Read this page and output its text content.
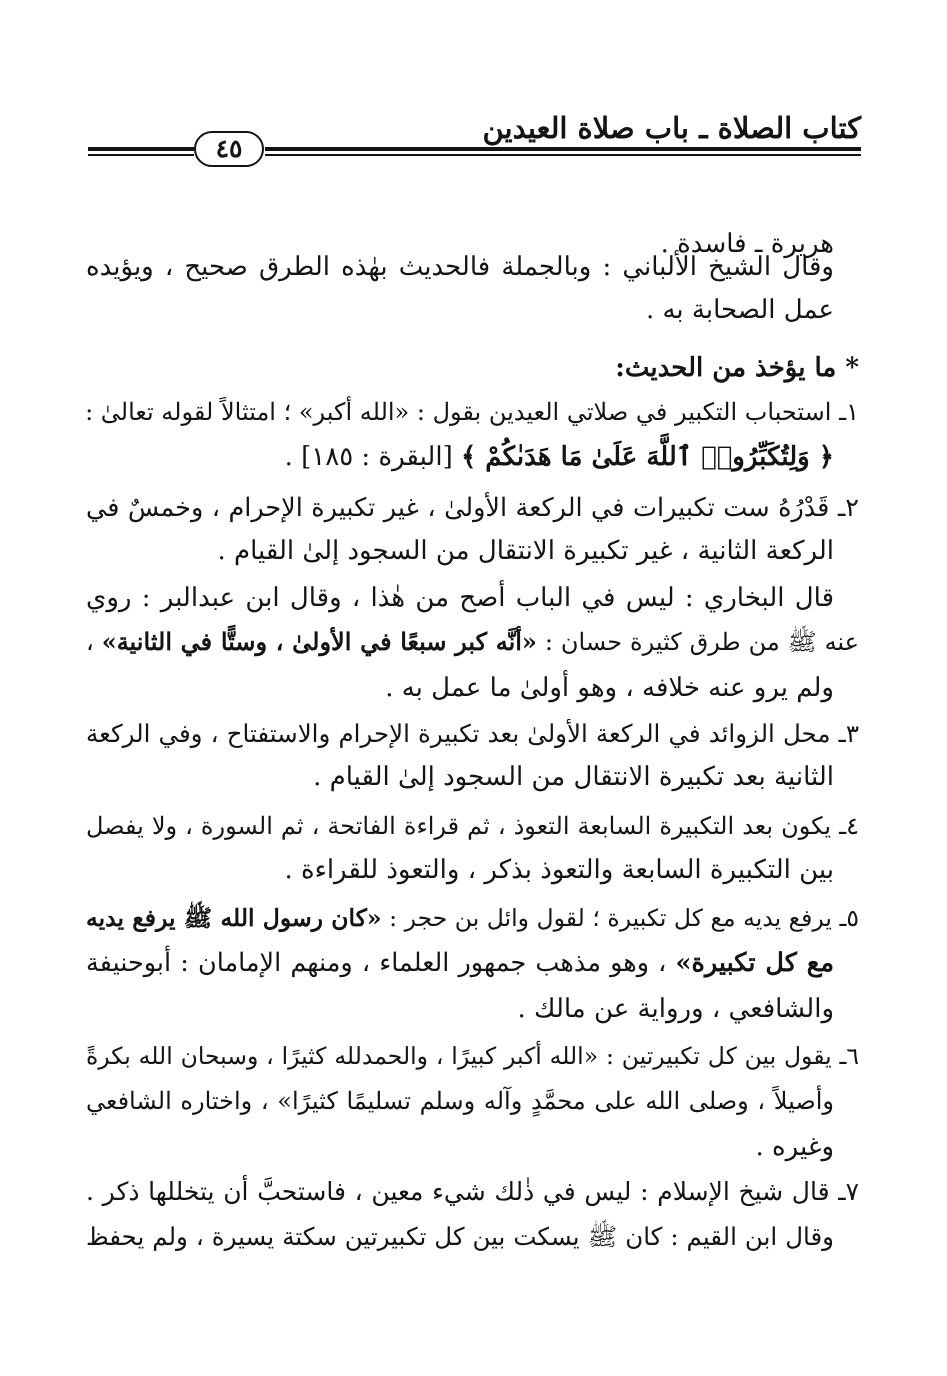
كتاب الصلاة ـ باب صلاة العيدين
٤٥
هريرة ـ فاسدة .
وقال الشيخ الألباني : وبالجملة فالحديث بهٰذه الطرق صحيح ، ويؤيده
عمل الصحابة به .
* ما يؤخذ من الحديث:
١ـ استحباب التكبير في صلاتي العيدين بقول : «الله أكبر» ؛ امتثالاً لقوله تعالىٰ :
﴿ وَلِتُكَبِّرُوا۟ ٱللَّهَ عَلَىٰ مَا هَدَىٰكُمْ ﴾ [البقرة : ١٨٥] .
٢ـ قَدْرُهُ ست تكبيرات في الركعة الأولىٰ ، غير تكبيرة الإحرام ، وخمسٌ في
الركعة الثانية ، غير تكبيرة الانتقال من السجود إلىٰ القيام .
قال البخاري : ليس في الباب أصح من هٰذا ، وقال ابن عبدالبر : روي
عنه ﷺ من طرق كثيرة حسان : «أنَّه كبر سبعًا في الأولىٰ ، وستًّا في الثانية» ،
ولم يرو عنه خلافه ، وهو أولىٰ ما عمل به .
٣ـ محل الزوائد في الركعة الأولىٰ بعد تكبيرة الإحرام والاستفتاح ، وفي الركعة
الثانية بعد تكبيرة الانتقال من السجود إلىٰ القيام .
٤ـ يكون بعد التكبيرة السابعة التعوذ ، ثم قراءة الفاتحة ، ثم السورة ، ولا يفصل
بين التكبيرة السابعة والتعوذ بذكر ، والتعوذ للقراءة .
٥ـ يرفع يديه مع كل تكبيرة ؛ لقول وائل بن حجر : «كان رسول الله ﷺ يرفع يديه
مع كل تكبيرة» ، وهو مذهب جمهور العلماء ، ومنهم الإمامان : أبوحنيفة
والشافعي ، ورواية عن مالك .
٦ـ يقول بين كل تكبيرتين : «الله أكبر كبيرًا ، والحمدلله كثيرًا ، وسبحان الله بكرةً
وأصيلاً ، وصلى الله على محمَّدٍ وآله وسلم تسليمًا كثيرًا» ، واختاره الشافعي
وغيره .
٧ـ قال شيخ الإسلام : ليس في ذٰلك شيء معين ، فاستحبَّ أن يتخللها ذكر .
وقال ابن القيم : كان ﷺ يسكت بين كل تكبيرتين سكتة يسيرة ، ولم يحفظ
